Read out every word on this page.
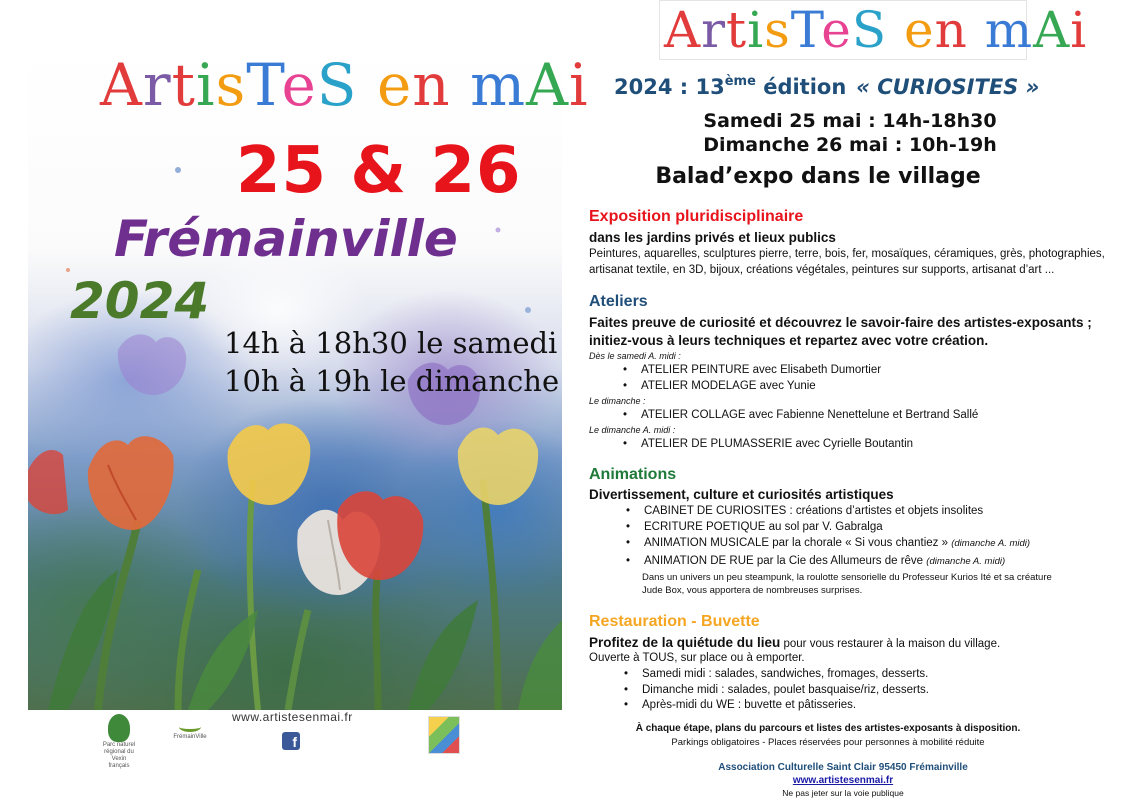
ArtisTeS en mAi
25 & 26
Frémainville
2024
14h à 18h30 le samedi
10h à 19h le dimanche
Parc naturel régional du Vexin français
FrémainVille
www.artistesenmai.fr
f
ArtisTeS en mAi
2024 : 13ème édition « CURIOSITES »
Samedi 25 mai : 14h-18h30
Dimanche 26 mai : 10h-19h
Balad’expo dans le village
Exposition pluridisciplinaire
dans les jardins privés et lieux publics
Peintures, aquarelles, sculptures pierre, terre, bois, fer, mosaïques, céramiques, grès, photographies,
artisanat textile, en 3D, bijoux, créations végétales, peintures sur supports, artisanat d’art ...
Ateliers
Faites preuve de curiosité et découvrez le savoir-faire des artistes-exposants ;
initiez-vous à leurs techniques et repartez avec votre création.
Dès le samedi A. midi :
• ATELIER PEINTURE avec Elisabeth Dumortier
• ATELIER MODELAGE avec Yunie
Le dimanche :
• ATELIER COLLAGE avec Fabienne Nenettelune et Bertrand Sallé
Le dimanche A. midi :
• ATELIER DE PLUMASSERIE avec Cyrielle Boutantin
Animations
Divertissement, culture et curiosités artistiques
• CABINET DE CURIOSITES : créations d’artistes et objets insolites
• ECRITURE POETIQUE au sol par V. Gabralga
• ANIMATION MUSICALE par la chorale « Si vous chantiez » (dimanche A. midi)
• ANIMATION DE RUE par la Cie des Allumeurs de rêve (dimanche A. midi)
Dans un univers un peu steampunk, la roulotte sensorielle du Professeur Kurios Ité et sa créature
Jude Box, vous apportera de nombreuses surprises.
Restauration - Buvette
Profitez de la quiétude du lieu pour vous restaurer à la maison du village.
Ouverte à TOUS, sur place ou à emporter.
• Samedi midi : salades, sandwiches, fromages, desserts.
• Dimanche midi : salades, poulet basquaise/riz, desserts.
• Après-midi du WE : buvette et pâtisseries.
À chaque étape, plans du parcours et listes des artistes-exposants à disposition.
Parkings obligatoires - Places réservées pour personnes à mobilité réduite
Association Culturelle Saint Clair 95450 Frémainville
www.artistesenmai.fr
Ne pas jeter sur la voie publique
